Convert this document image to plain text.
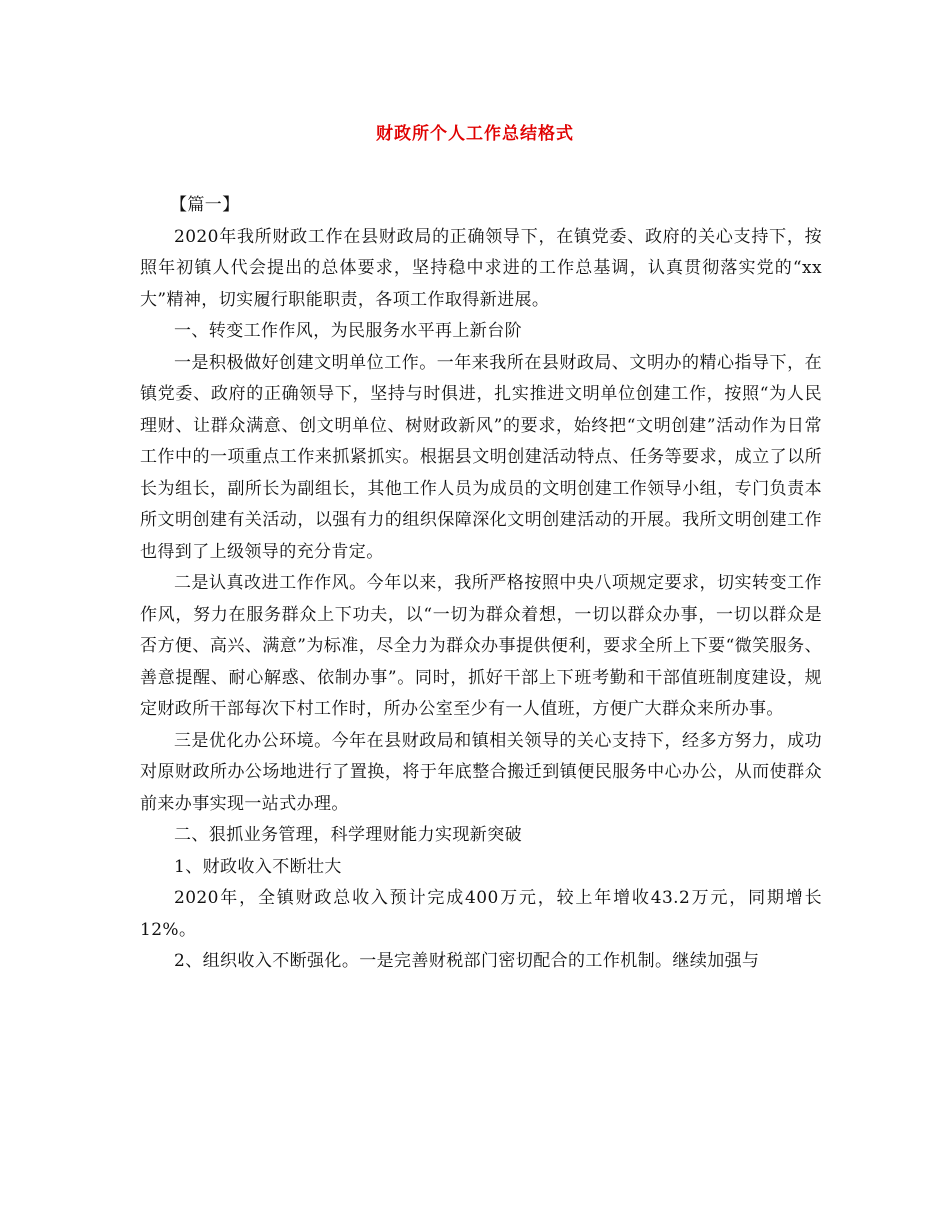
财政所个人工作总结格式

【篇一】

2020年我所财政工作在县财政局的正确领导下，在镇党委、政府的关心支持下，按照年初镇人代会提出的总体要求，坚持稳中求进的工作总基调，认真贯彻落实党的“xx大”精神，切实履行职能职责，各项工作取得新进展。

一、转变工作作风，为民服务水平再上新台阶

一是积极做好创建文明单位工作。一年来我所在县财政局、文明办的精心指导下，在镇党委、政府的正确领导下，坚持与时俱进，扎实推进文明单位创建工作，按照“为人民理财、让群众满意、创文明单位、树财政新风”的要求，始终把“文明创建”活动作为日常工作中的一项重点工作来抓紧抓实。根据县文明创建活动特点、任务等要求，成立了以所长为组长，副所长为副组长，其他工作人员为成员的文明创建工作领导小组，专门负责本所文明创建有关活动，以强有力的组织保障深化文明创建活动的开展。我所文明创建工作也得到了上级领导的充分肯定。

二是认真改进工作作风。今年以来，我所严格按照中央八项规定要求，切实转变工作作风，努力在服务群众上下功夫，以“一切为群众着想，一切以群众办事，一切以群众是否方便、高兴、满意”为标准，尽全力为群众办事提供便利，要求全所上下要“微笑服务、善意提醒、耐心解惑、依制办事”。同时，抓好干部上下班考勤和干部值班制度建设，规定财政所干部每次下村工作时，所办公室至少有一人值班，方便广大群众来所办事。

三是优化办公环境。今年在县财政局和镇相关领导的关心支持下，经多方努力，成功对原财政所办公场地进行了置换，将于年底整合搬迁到镇便民服务中心办公，从而使群众前来办事实现一站式办理。

二、狠抓业务管理，科学理财能力实现新突破

1、财政收入不断壮大

2020年，全镇财政总收入预计完成400万元，较上年增收43.2万元，同期增长12%。

2、组织收入不断强化。一是完善财税部门密切配合的工作机制。继续加强与
